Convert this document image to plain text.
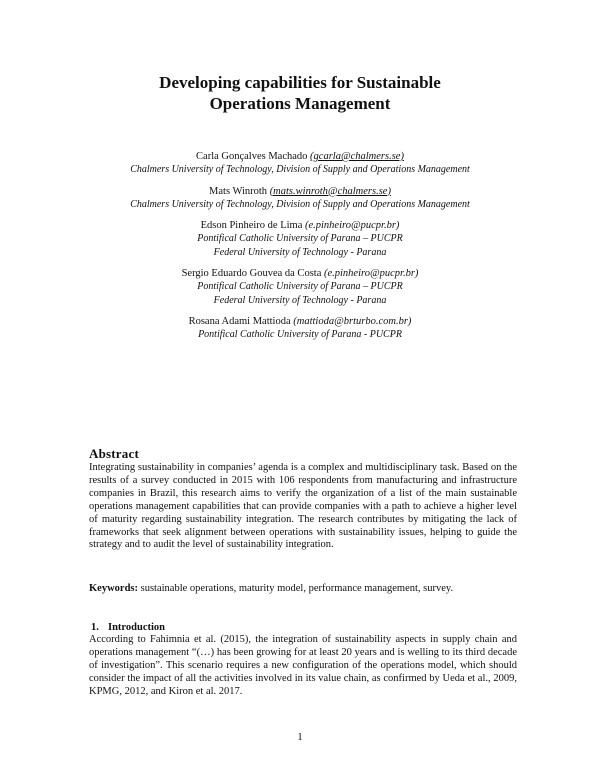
Developing capabilities for Sustainable
Operations Management
Carla Gonçalves Machado (gcarla@chalmers.se)
Chalmers University of Technology, Division of Supply and Operations Management
Mats Winroth (mats.winroth@chalmers.se)
Chalmers University of Technology, Division of Supply and Operations Management
Edson Pinheiro de Lima (e.pinheiro@pucpr.br)
Pontifical Catholic University of Parana – PUCPR
Federal University of Technology - Parana
Sergio Eduardo Gouvea da Costa (e.pinheiro@pucpr.br)
Pontifical Catholic University of Parana – PUCPR
Federal University of Technology - Parana
Rosana Adami Mattioda (mattioda@brturbo.com.br)
Pontifical Catholic University of Parana - PUCPR
Abstract

Integrating sustainability in companies’ agenda is a complex and multidisciplinary task. Based on the results of a survey conducted in 2015 with 106 respondents from manufacturing and infrastructure companies in Brazil, this research aims to verify the organization of a list of the main sustainable operations management capabilities that can provide companies with a path to achieve a higher level of maturity regarding sustainability integration. The research contributes by mitigating the lack of frameworks that seek alignment between operations with sustainability issues, helping to guide the strategy and to audit the level of sustainability integration.

Keywords: sustainable operations, maturity model, performance management, survey.
1. Introduction

According to Fahimnia et al. (2015), the integration of sustainability aspects in supply chain and operations management “(…) has been growing for at least 20 years and is welling to its third decade of investigation”. This scenario requires a new configuration of the operations model, which should consider the impact of all the activities involved in its value chain, as confirmed by Ueda et al., 2009, KPMG, 2012, and Kiron et al. 2017.

1
